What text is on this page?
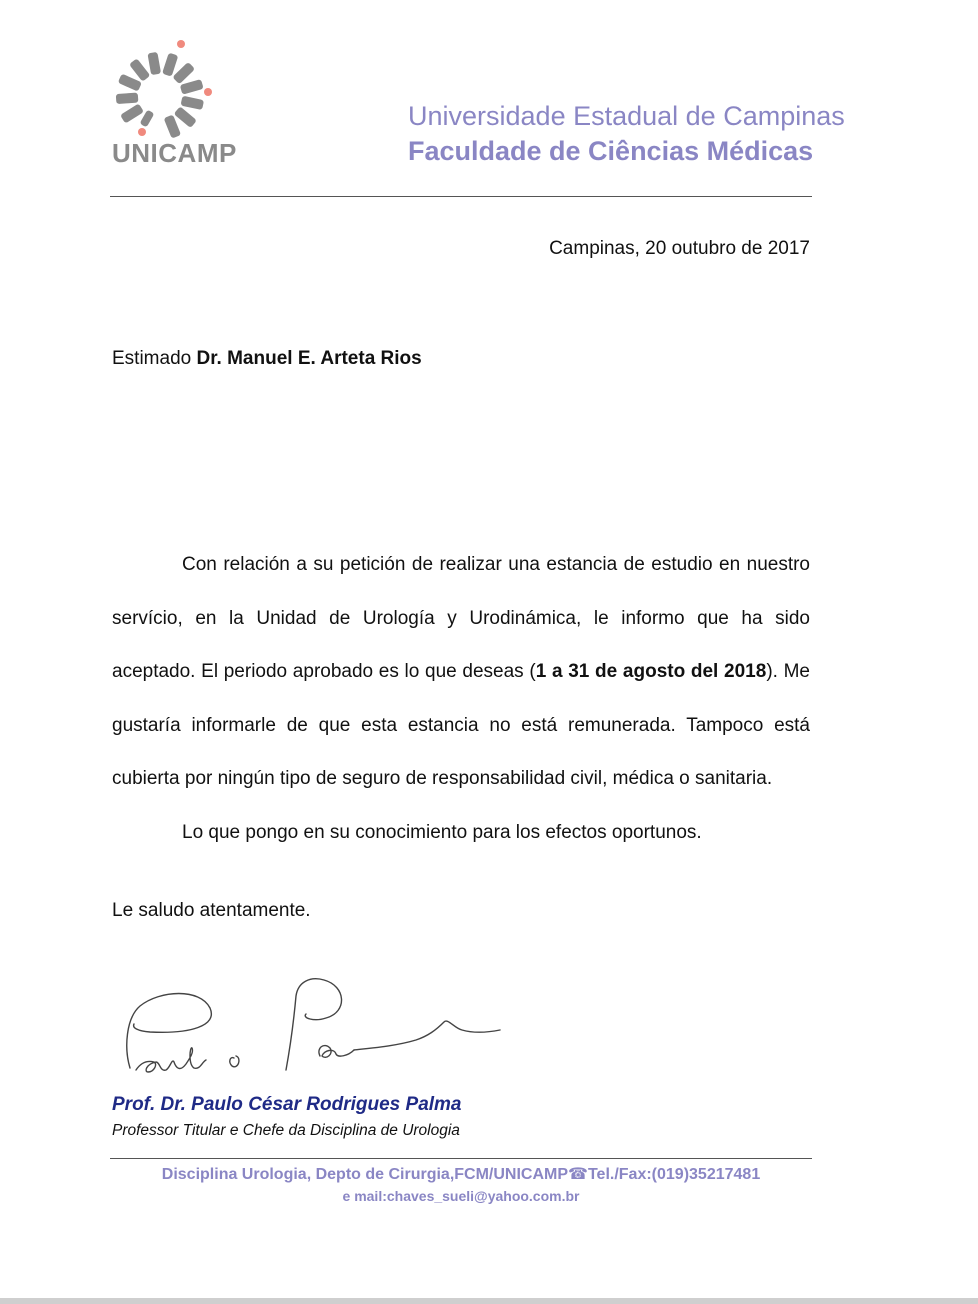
UNICAMP
Universidade Estadual de Campinas
Faculdade de Ciências Médicas
Campinas, 20 outubro de 2017
Estimado Dr. Manuel E. Arteta Rios
Con relación a su petición de realizar una estancia de estudio en nuestro servício, en la Unidad de Urología y Urodinámica, le informo que ha sido aceptado. El periodo aprobado es lo que deseas (1 a 31 de agosto del 2018). Me gustaría informarle de que esta estancia no está remunerada. Tampoco está cubierta por ningún tipo de seguro de responsabilidad civil, médica o sanitaria.
Lo que pongo en su conocimiento para los efectos oportunos.
Le saludo atentamente.
Prof. Dr. Paulo César Rodrigues Palma
Professor Titular e Chefe da Disciplina de Urologia
Disciplina Urologia, Depto de Cirurgia,FCM/UNICAMP☎Tel./Fax:(019)35217481
e mail:chaves_sueli@yahoo.com.br
